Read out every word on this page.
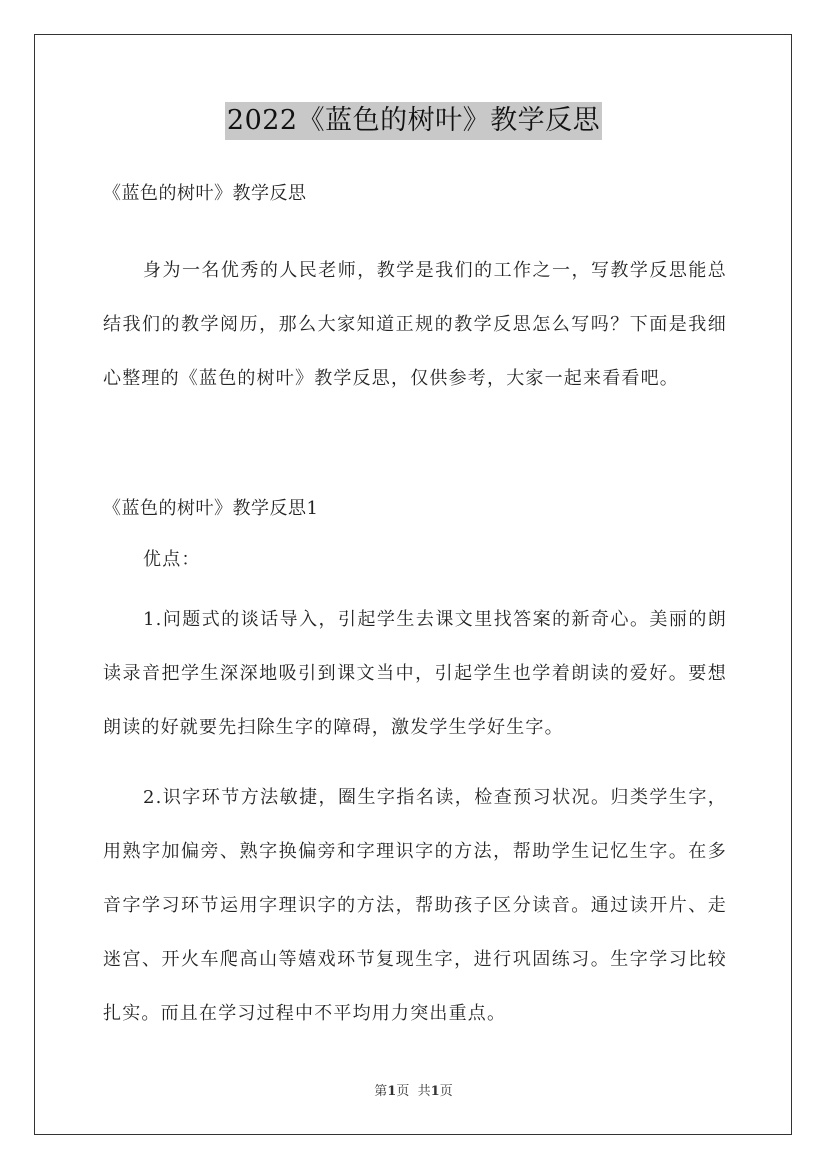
2022《蓝色的树叶》教学反思

《蓝色的树叶》教学反思

身为一名优秀的人民老师，教学是我们的工作之一，写教学反思能总结我们的教学阅历，那么大家知道正规的教学反思怎么写吗？下面是我细心整理的《蓝色的树叶》教学反思，仅供参考，大家一起来看看吧。

《蓝色的树叶》教学反思1

优点：

1.问题式的谈话导入，引起学生去课文里找答案的新奇心。美丽的朗读录音把学生深深地吸引到课文当中，引起学生也学着朗读的爱好。要想朗读的好就要先扫除生字的障碍，激发学生学好生字。

2.识字环节方法敏捷，圈生字指名读，检查预习状况。归类学生字，用熟字加偏旁、熟字换偏旁和字理识字的方法，帮助学生记忆生字。在多音字学习环节运用字理识字的方法，帮助孩子区分读音。通过读开片、走迷宫、开火车爬高山等嬉戏环节复现生字，进行巩固练习。生字学习比较扎实。而且在学习过程中不平均用力突出重点。

第1页 共1页
